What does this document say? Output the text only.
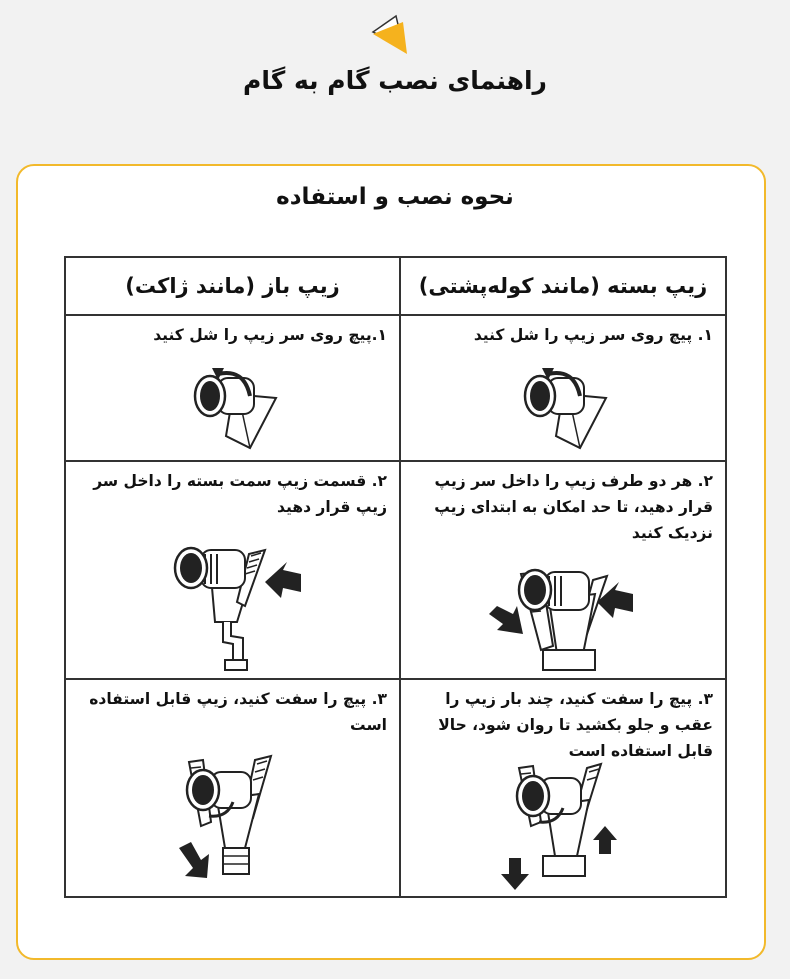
راهنمای نصب گام به گام
نحوه نصب و استفاده
زیپ باز (مانند ژاکت)	زیپ بسته (مانند کوله‌پشتی)

۱.پیچ روی سر زیپ را شل کنید	۱. پیچ روی سر زیپ را شل کنید

۲. قسمت زیپ سمت بسته را داخل سر زیپ قرار دهید	۲. هر دو طرف زیپ را داخل سر زیپ قرار دهید، تا حد امکان به ابتدای زیپ نزدیک کنید

۳. پیچ را سفت کنید، زیپ قابل استفاده است	۳. پیچ را سفت کنید، چند بار زیپ را عقب و جلو بکشید تا روان شود، حالا قابل استفاده است
